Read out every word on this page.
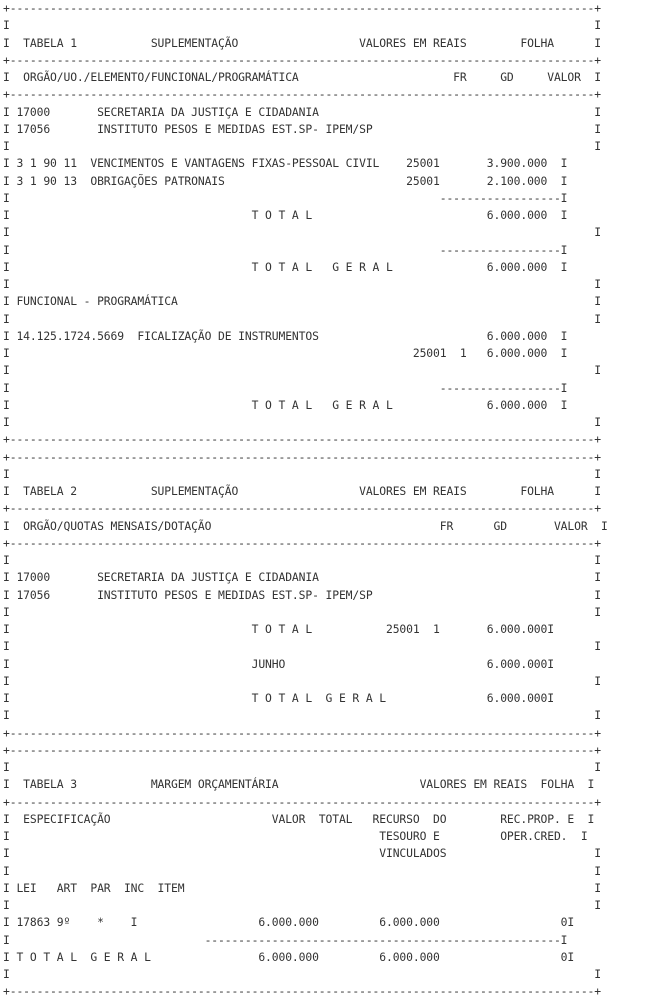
+---------------------------------------------------------------------------------------+
I                                                                                       I
I  TABELA 1           SUPLEMENTAÇÃO                  VALORES EM REAIS        FOLHA      I
+---------------------------------------------------------------------------------------+
I  ORGÃO/UO./ELEMENTO/FUNCIONAL/PROGRAMÁTICA                       FR     GD     VALOR  I
+---------------------------------------------------------------------------------------+
I 17000       SECRETARIA DA JUSTIÇA E CIDADANIA                                         I
I 17056       INSTITUTO PESOS E MEDIDAS EST.SP- IPEM/SP                                 I
I                                                                                       I
I 3 1 90 11  VENCIMENTOS E VANTAGENS FIXAS-PESSOAL CIVIL    25001       3.900.000  I
I 3 1 90 13  OBRIGAÇÕES PATRONAIS                           25001       2.100.000  I
I                                                                ------------------I
I                                    T O T A L                          6.000.000  I
I                                                                                       I
I                                                                ------------------I
I                                    T O T A L   G E R A L              6.000.000  I
I                                                                                       I
I FUNCIONAL - PROGRAMÁTICA                                                              I
I                                                                                       I
I 14.125.1724.5669  FICALIZAÇÃO DE INSTRUMENTOS                         6.000.000  I
I                                                            25001  1   6.000.000  I
I                                                                                       I
I                                                                ------------------I
I                                    T O T A L   G E R A L              6.000.000  I
I                                                                                       I
+---------------------------------------------------------------------------------------+
+---------------------------------------------------------------------------------------+
I                                                                                       I
I  TABELA 2           SUPLEMENTAÇÃO                  VALORES EM REAIS        FOLHA      I
+---------------------------------------------------------------------------------------+
I  ORGÃO/QUOTAS MENSAIS/DOTAÇÃO                                  FR      GD       VALOR  I
+---------------------------------------------------------------------------------------+
I                                                                                       I
I 17000       SECRETARIA DA JUSTIÇA E CIDADANIA                                         I
I 17056       INSTITUTO PESOS E MEDIDAS EST.SP- IPEM/SP                                 I
I                                                                                       I
I                                    T O T A L           25001  1       6.000.000I
I                                                                                       I
I                                    JUNHO                              6.000.000I
I                                                                                       I
I                                    T O T A L  G E R A L               6.000.000I
I                                                                                       I
+---------------------------------------------------------------------------------------+
+---------------------------------------------------------------------------------------+
I                                                                                       I
I  TABELA 3           MARGEM ORÇAMENTÁRIA                     VALORES EM REAIS  FOLHA  I
+---------------------------------------------------------------------------------------+
I  ESPECIFICAÇÃO                        VALOR  TOTAL   RECURSO  DO        REC.PROP. E  I
I                                                       TESOURO E         OPER.CRED.  I
I                                                       VINCULADOS                      I
I                                                                                       I
I LEI   ART  PAR  INC  ITEM                                                             I
I                                                                                       I
I 17863 9º    *    I                  6.000.000         6.000.000                  0I
I                             -----------------------------------------------------I
I T O T A L  G E R A L                6.000.000         6.000.000                  0I
I                                                                                       I
+---------------------------------------------------------------------------------------+
